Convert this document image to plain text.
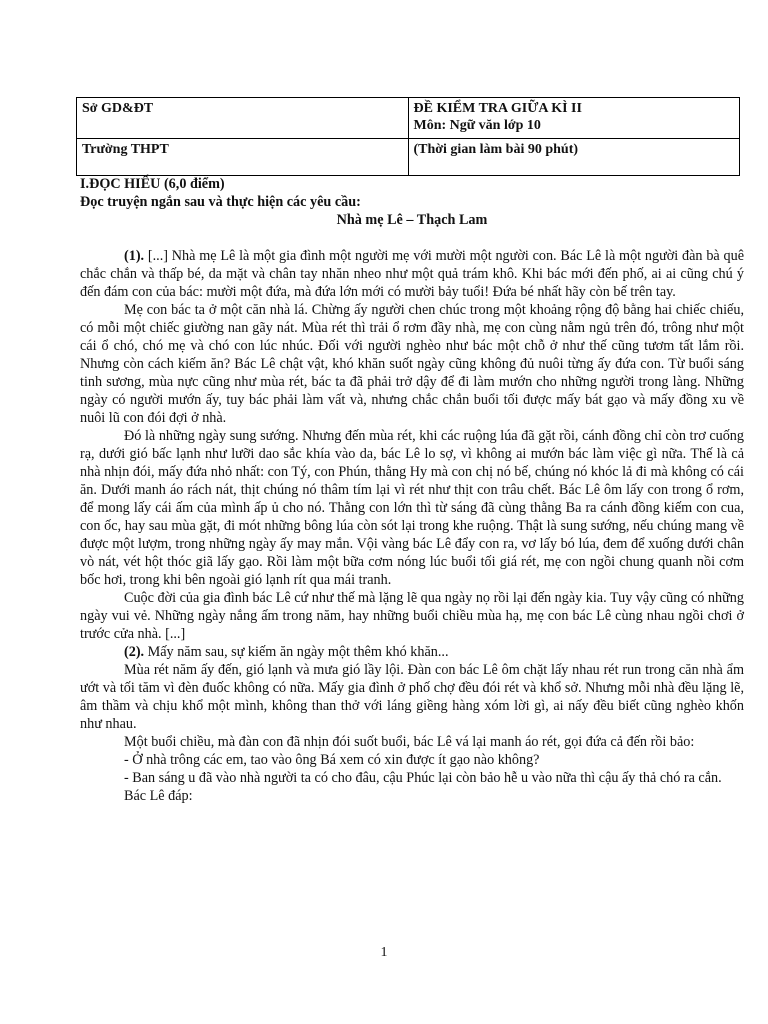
Sở GD&ĐT	ĐỀ KIỂM TRA GIỮA KÌ II
Môn: Ngữ văn lớp 10

Trường THPT	(Thời gian làm bài 90 phút)

I.ĐỌC HIỂU (6,0 điểm)

Đọc truyện ngắn sau và thực hiện các yêu cầu:

Nhà mẹ Lê – Thạch Lam

(1). [...] Nhà mẹ Lê là một gia đình một người mẹ với mười một người con. Bác Lê là một người đàn bà quê chắc chắn và thấp bé, da mặt và chân tay nhăn nheo như một quả trám khô. Khi bác mới đến phố, ai ai cũng chú ý đến đám con của bác: mười một đứa, mà đứa lớn mới có mười bảy tuổi! Đứa bé nhất hãy còn bế trên tay.

Mẹ con bác ta ở một căn nhà lá. Chừng ấy người chen chúc trong một khoảng rộng độ bằng hai chiếc chiếu, có mỗi một chiếc giường nan gãy nát. Mùa rét thì trải ổ rơm đầy nhà, mẹ con cùng nằm ngủ trên đó, trông như một cái ổ chó, chó mẹ và chó con lúc nhúc. Đối với người nghèo như bác một chỗ ở như thế cũng tươm tất lắm rồi. Nhưng còn cách kiếm ăn? Bác Lê chật vật, khó khăn suốt ngày cũng không đủ nuôi từng ấy đứa con. Từ buổi sáng tinh sương, mùa nực cũng như mùa rét, bác ta đã phải trở dậy để đi làm mướn cho những người trong làng. Những ngày có người mướn ấy, tuy bác phải làm vất và, nhưng chắc chắn buổi tối được mấy bát gạo và mấy đồng xu về nuôi lũ con đói đợi ở nhà.

Đó là những ngày sung sướng. Nhưng đến mùa rét, khi các ruộng lúa đã gặt rồi, cánh đồng chỉ còn trơ cuống rạ, dưới gió bấc lạnh như lưỡi dao sắc khía vào da, bác Lê lo sợ, vì không ai mướn bác làm việc gì nữa. Thế là cả nhà nhịn đói, mấy đứa nhỏ nhất: con Tý, con Phún, thằng Hy mà con chị nó bế, chúng nó khóc lả đi mà không có cái ăn. Dưới manh áo rách nát, thịt chúng nó thâm tím lại vì rét như thịt con trâu chết. Bác Lê ôm lấy con trong ổ rơm, để mong lấy cái ấm của mình ấp ủ cho nó. Thằng con lớn thì từ sáng đã cùng thằng Ba ra cánh đồng kiếm con cua, con ốc, hay sau mùa gặt, đi mót những bông lúa còn sót lại trong khe ruộng. Thật là sung sướng, nếu chúng mang về được một lượm, trong những ngày ấy may mắn. Vội vàng bác Lê đẩy con ra, vơ lấy bó lúa, đem để xuống dưới chân vò nát, vét hột thóc giã lấy gạo. Rồi làm một bữa cơm nóng lúc buổi tối giá rét, mẹ con ngồi chung quanh nồi cơm bốc hơi, trong khi bên ngoài gió lạnh rít qua mái tranh.

Cuộc đời của gia đình bác Lê cứ như thế mà lặng lẽ qua ngày nọ rồi lại đến ngày kia. Tuy vậy cũng có những ngày vui vẻ. Những ngày nắng ấm trong năm, hay những buổi chiều mùa hạ, mẹ con bác Lê cùng nhau ngồi chơi ở trước cửa nhà. [...]

(2). Mấy năm sau, sự kiếm ăn ngày một thêm khó khăn...

Mùa rét năm ấy đến, gió lạnh và mưa gió lầy lội. Đàn con bác Lê ôm chặt lấy nhau rét run trong căn nhà ẩm ướt và tối tăm vì đèn đuốc không có nữa. Mấy gia đình ở phố chợ đều đói rét và khổ sở. Nhưng mỗi nhà đều lặng lẽ, âm thầm và chịu khổ một mình, không than thở với láng giềng hàng xóm lời gì, ai nấy đều biết cũng nghèo khốn như nhau.

Một buổi chiều, mà đàn con đã nhịn đói suốt buổi, bác Lê vá lại manh áo rét, gọi đứa cả đến rồi bảo:

- Ở nhà trông các em, tao vào ông Bá xem có xin được ít gạo nào không?

- Ban sáng u đã vào nhà người ta có cho đâu, cậu Phúc lại còn bảo hễ u vào nữa thì cậu ấy thả chó ra cắn.

Bác Lê đáp:

1
